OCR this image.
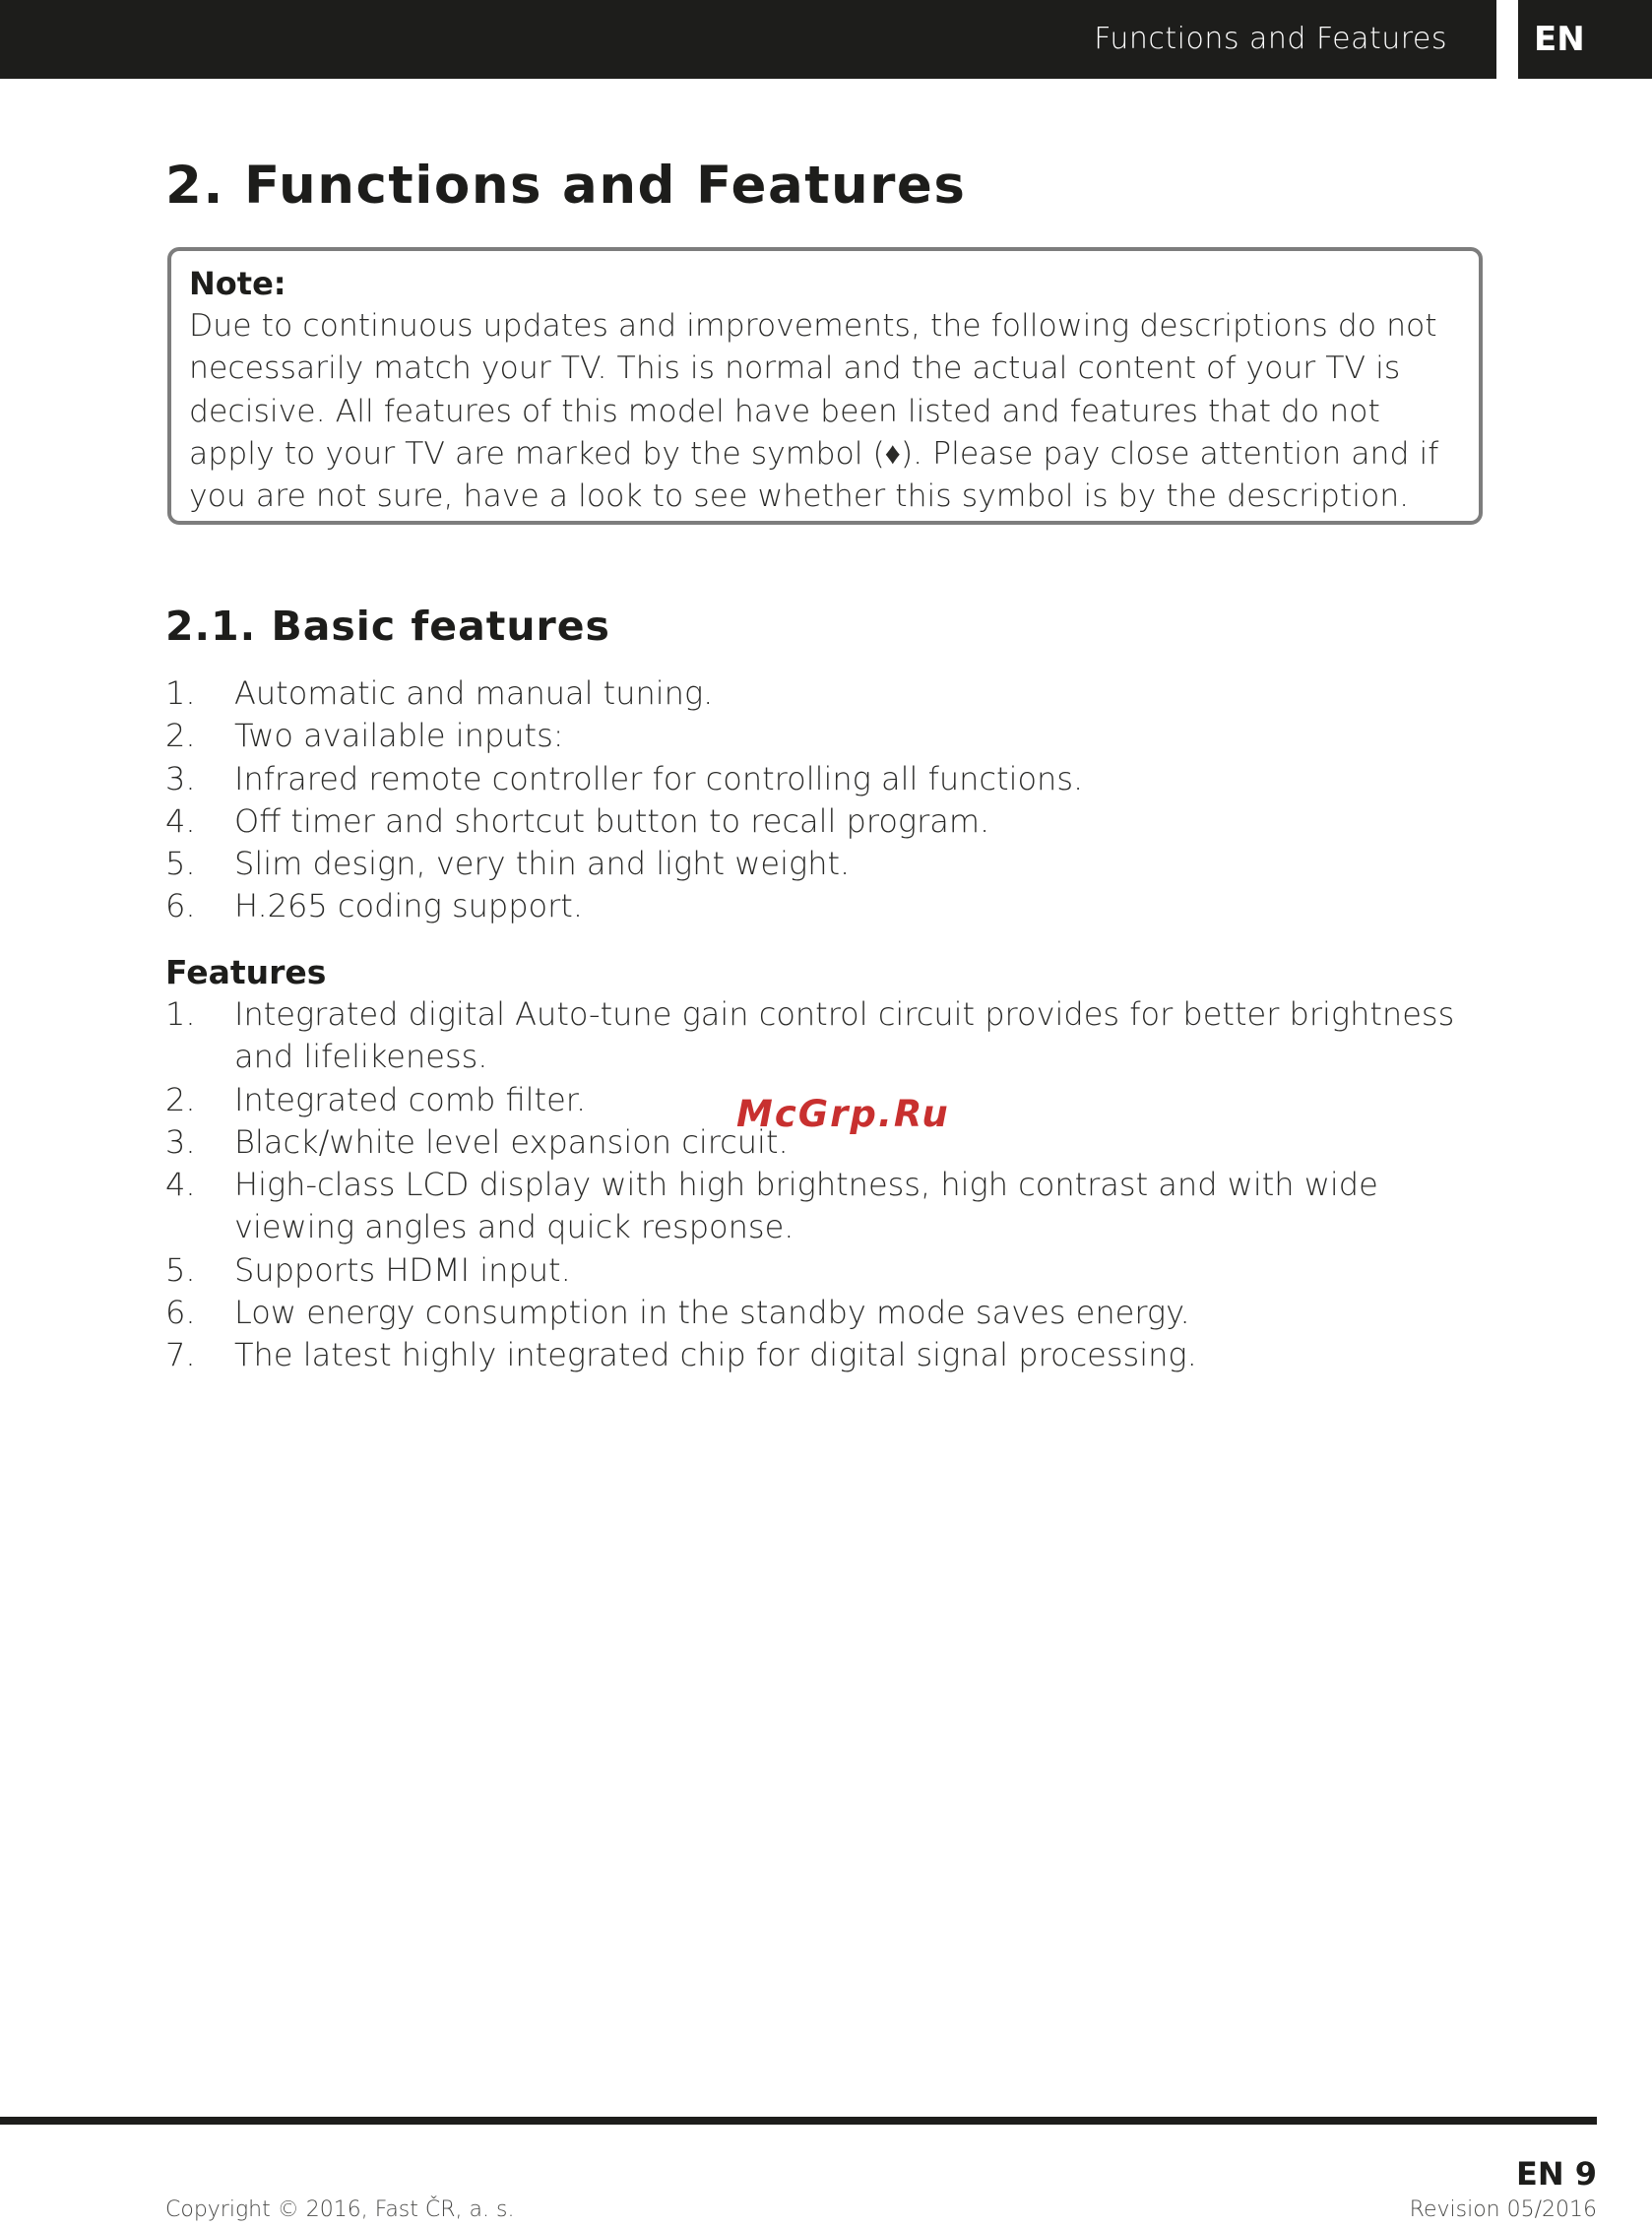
Functions and Features	EN
2. Functions and Features
Note:
Due to continuous updates and improvements, the following descriptions do not necessarily match your TV. This is normal and the actual content of your TV is decisive. All features of this model have been listed and features that do not apply to your TV are marked by the symbol (♦). Please pay close attention and if you are not sure, have a look to see whether this symbol is by the description.
2.1. Basic features
1. Automatic and manual tuning.
2. Two available inputs:
3. Infrared remote controller for controlling all functions.
4. Off timer and shortcut button to recall program.
5. Slim design, very thin and light weight.
6. H.265 coding support.
Features
1. Integrated digital Auto-tune gain control circuit provides for better brightness and lifelikeness.
2. Integrated comb filter.
3. Black/white level expansion circuit.
4. High-class LCD display with high brightness, high contrast and with wide viewing angles and quick response.
5. Supports HDMI input.
6. Low energy consumption in the standby mode saves energy.
7. The latest highly integrated chip for digital signal processing.
McGrp.Ru
EN 9
Copyright © 2016, Fast ČR, a. s.	Revision 05/2016
